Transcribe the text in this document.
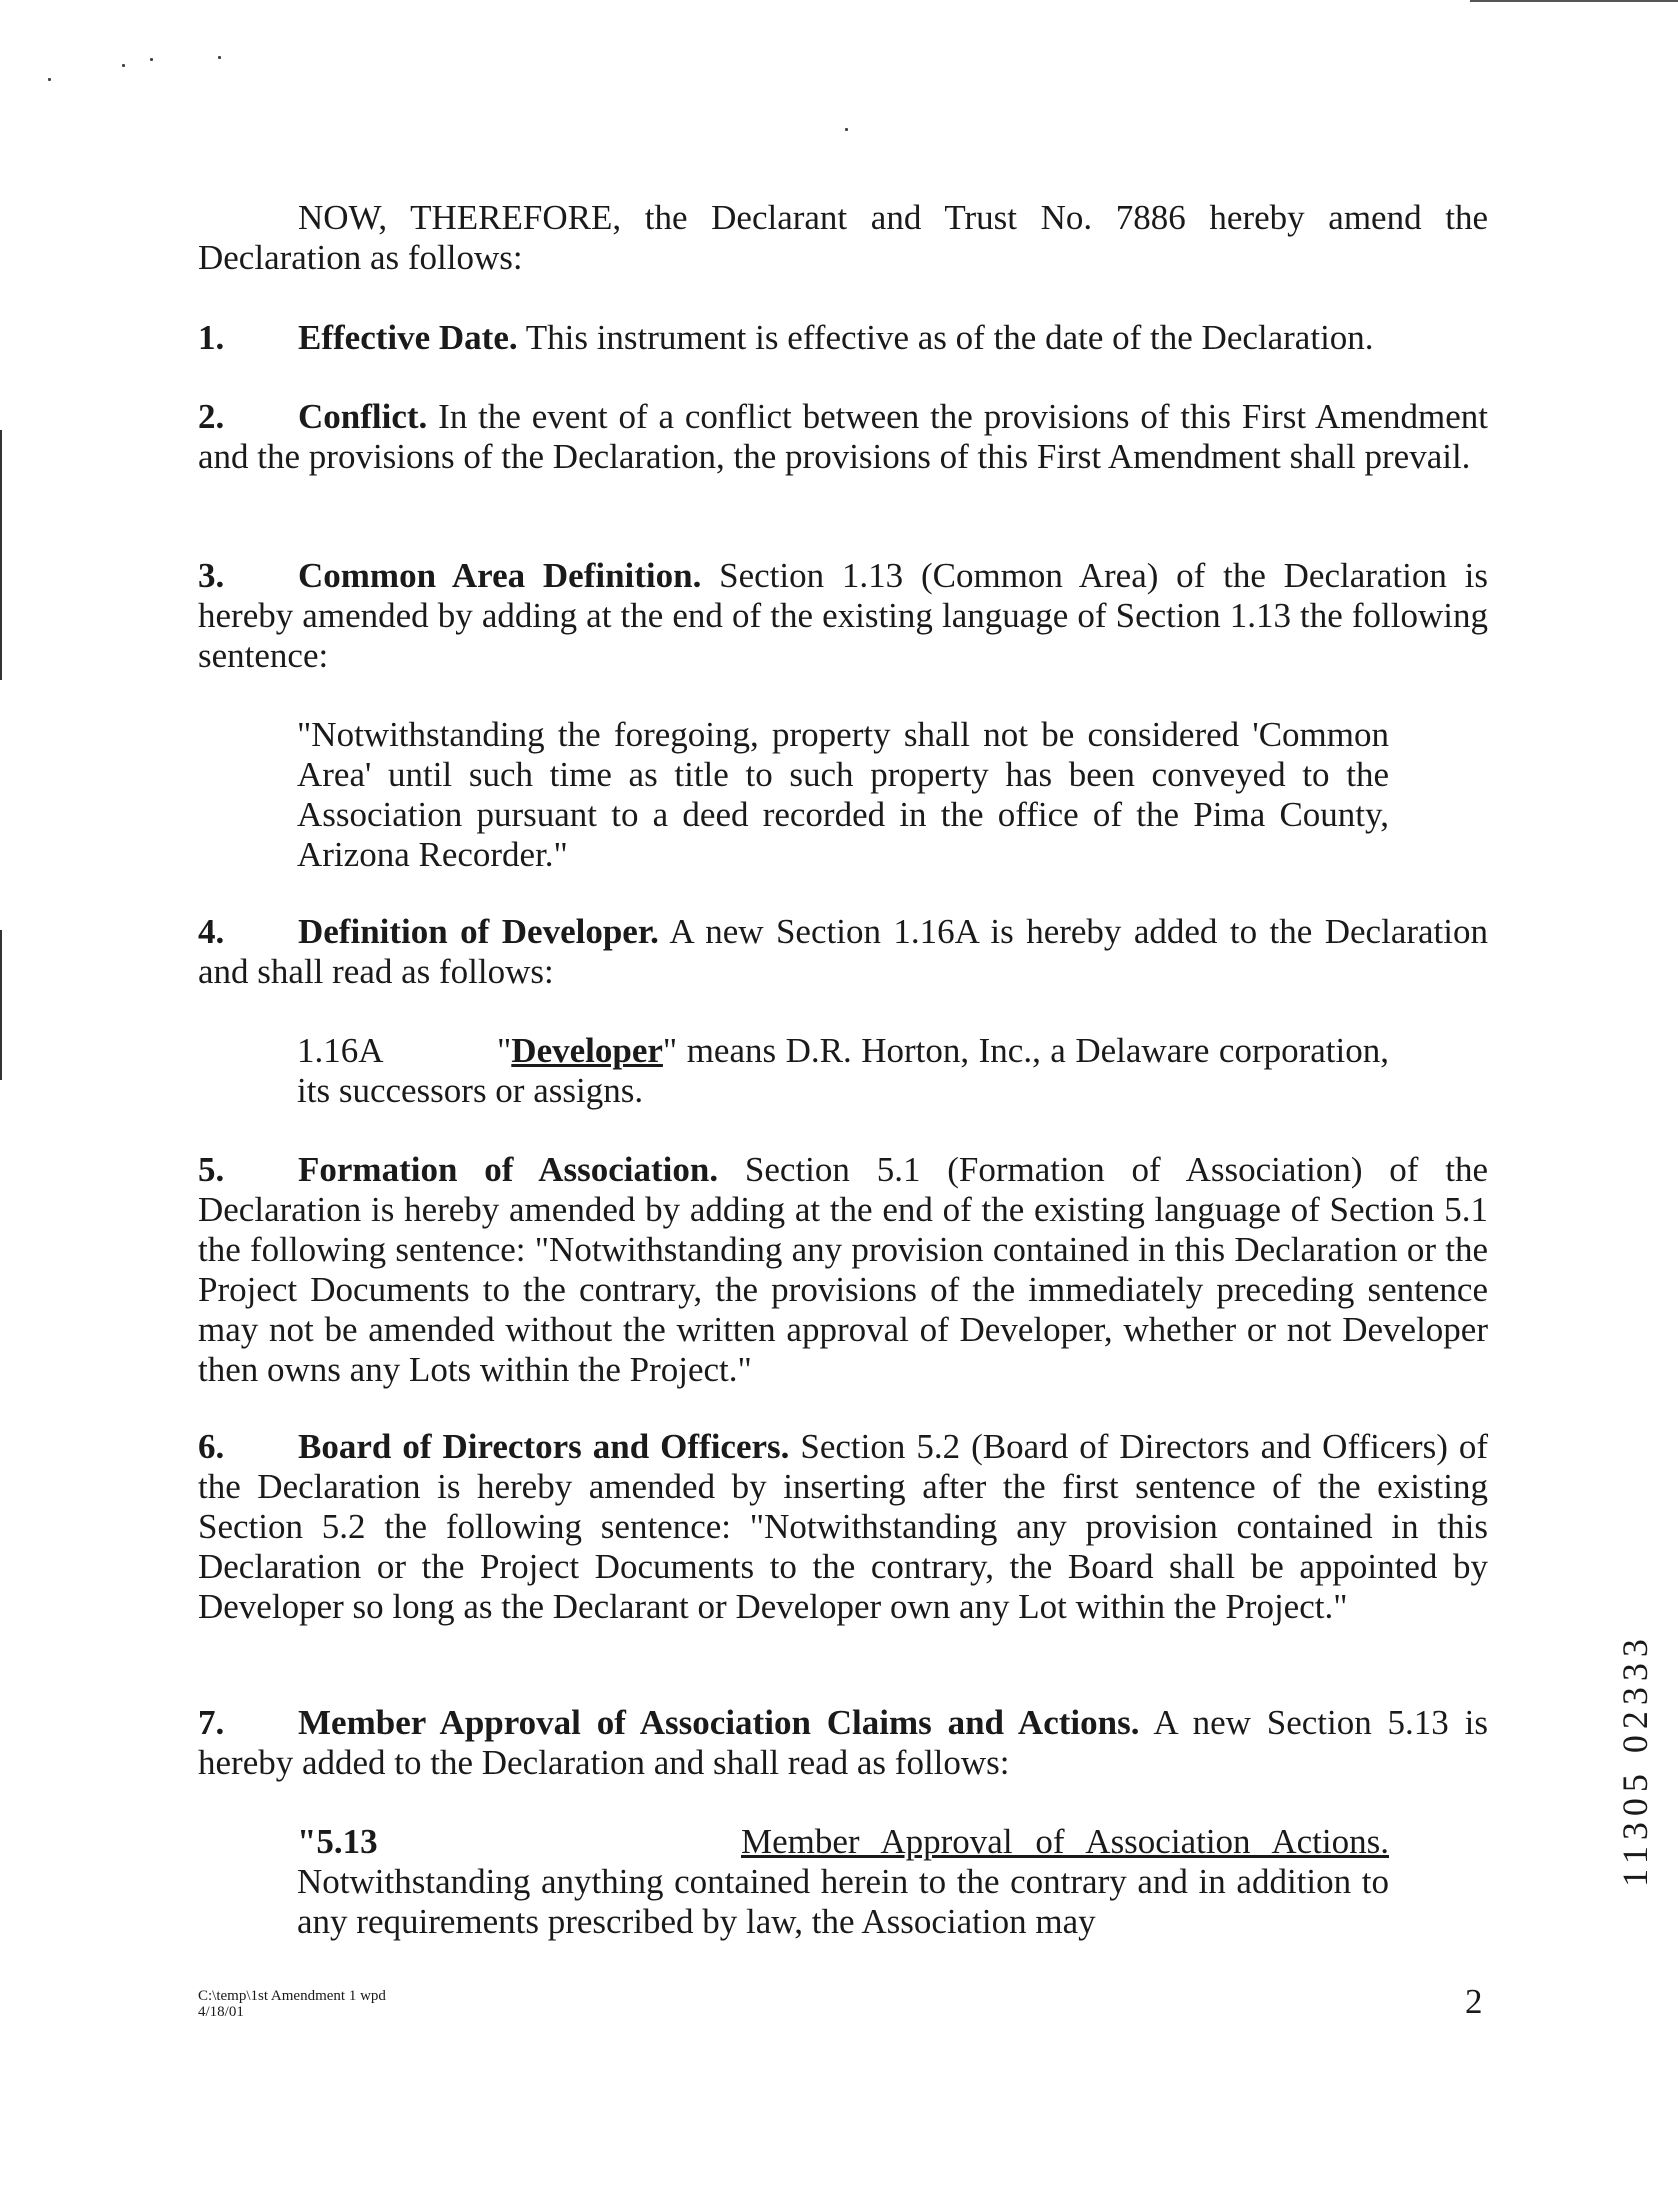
NOW, THEREFORE, the Declarant and Trust No. 7886 hereby amend the Declaration as follows:
1. Effective Date. This instrument is effective as of the date of the Declaration.
2. Conflict. In the event of a conflict between the provisions of this First Amendment and the provisions of the Declaration, the provisions of this First Amendment shall prevail.
3. Common Area Definition. Section 1.13 (Common Area) of the Declaration is hereby amended by adding at the end of the existing language of Section 1.13 the following sentence:
"Notwithstanding the foregoing, property shall not be considered 'Common Area' until such time as title to such property has been conveyed to the Association pursuant to a deed recorded in the office of the Pima County, Arizona Recorder."
4. Definition of Developer. A new Section 1.16A is hereby added to the Declaration and shall read as follows:
1.16A	"Developer" means D.R. Horton, Inc., a Delaware corporation, its successors or assigns.
5. Formation of Association. Section 5.1 (Formation of Association) of the Declaration is hereby amended by adding at the end of the existing language of Section 5.1 the following sentence: "Notwithstanding any provision contained in this Declaration or the Project Documents to the contrary, the provisions of the immediately preceding sentence may not be amended without the written approval of Developer, whether or not Developer then owns any Lots within the Project."
6. Board of Directors and Officers. Section 5.2 (Board of Directors and Officers) of the Declaration is hereby amended by inserting after the first sentence of the existing Section 5.2 the following sentence: "Notwithstanding any provision contained in this Declaration or the Project Documents to the contrary, the Board shall be appointed by Developer so long as the Declarant or Developer own any Lot within the Project."
7. Member Approval of Association Claims and Actions. A new Section 5.13 is hereby added to the Declaration and shall read as follows:
"5.13	Member Approval of Association Actions.
Notwithstanding anything contained herein to the contrary and in addition to any requirements prescribed by law, the Association may
C:\temp\1st Amendment 1 wpd
4/18/01	2
11305 02333
